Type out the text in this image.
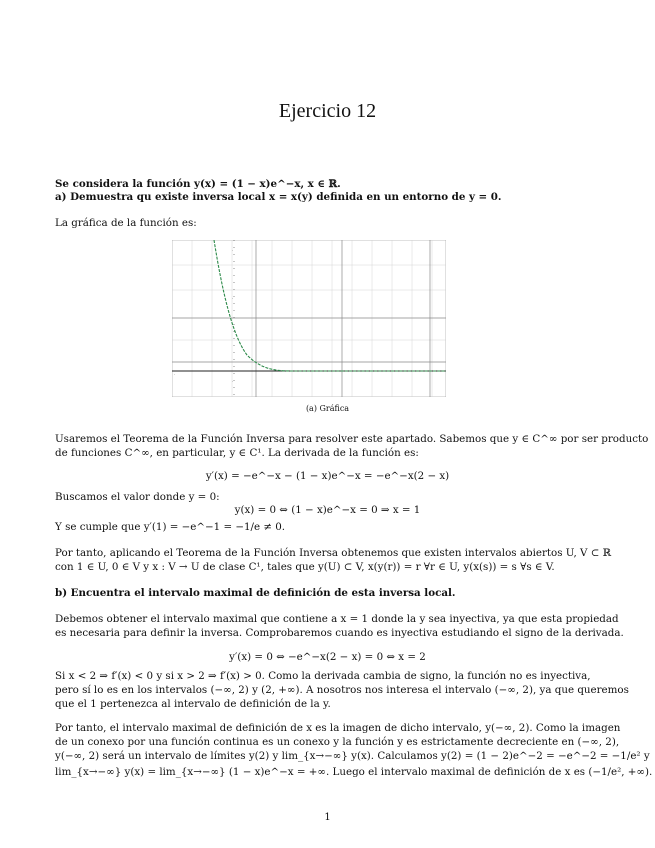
Ejercicio 12
Se considera la función y(x) = (1 − x)e^−x, x ∈ ℝ.
a) Demuestra qu existe inversa local x = x(y) definida en un entorno de y = 0.
La gráfica de la función es:
·
·
·
·
(a) Gráfica
Usaremos el Teorema de la Función Inversa para resolver este apartado. Sabemos que y ∈ C^∞ por ser producto
de funciones C^∞, en particular, y ∈ C¹. La derivada de la función es:
y′(x) = −e^−x − (1 − x)e^−x = −e^−x(2 − x)
Buscamos el valor donde y = 0:
y(x) = 0 ⇔ (1 − x)e^−x = 0 ⇒ x = 1
Y se cumple que y′(1) = −e^−1 = −1/e ≠ 0.
Por tanto, aplicando el Teorema de la Función Inversa obtenemos que existen intervalos abiertos U, V ⊂ ℝ
con 1 ∈ U, 0 ∈ V y x : V → U de clase C¹, tales que y(U) ⊂ V, x(y(r)) = r ∀r ∈ U, y(x(s)) = s ∀s ∈ V.
b) Encuentra el intervalo maximal de definición de esta inversa local.
Debemos obtener el intervalo maximal que contiene a x = 1 donde la y sea inyectiva, ya que esta propiedad
es necesaria para definir la inversa. Comprobaremos cuando es inyectiva estudiando el signo de la derivada.
y′(x) = 0 ⇔ −e^−x(2 − x) = 0 ⇔ x = 2
Si x < 2 ⇒ f′(x) < 0 y si x > 2 ⇒ f′(x) > 0. Como la derivada cambia de signo, la función no es inyectiva,
pero sí lo es en los intervalos (−∞, 2) y (2, +∞). A nosotros nos interesa el intervalo (−∞, 2), ya que queremos
que el 1 pertenezca al intervalo de definición de la y.
Por tanto, el intervalo maximal de definición de x es la imagen de dicho intervalo, y(−∞, 2). Como la imagen
de un conexo por una función continua es un conexo y la función y es estrictamente decreciente en (−∞, 2),
y(−∞, 2) será un intervalo de límites y(2) y lim_{x→−∞} y(x). Calculamos y(2) = (1 − 2)e^−2 = −e^−2 = −1/e² y
lim_{x→−∞} y(x) = lim_{x→−∞} (1 − x)e^−x = +∞. Luego el intervalo maximal de definición de x es (−1/e², +∞).
1
